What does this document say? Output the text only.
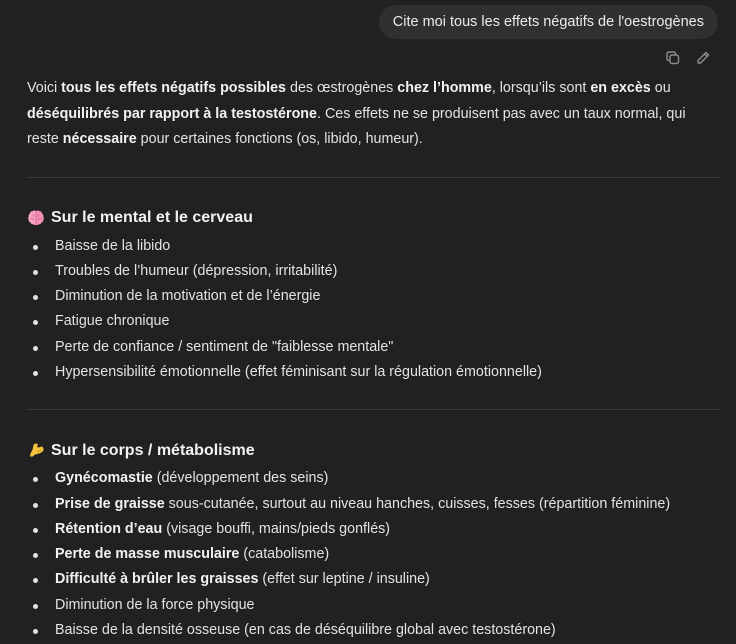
Cite moi tous les effets négatifs de l'oestrogènes

Voici tous les effets négatifs possibles des œstrogènes chez l’homme, lorsqu’ils sont en excès ou déséquilibrés par rapport à la testostérone. Ces effets ne se produisent pas avec un taux normal, qui reste nécessaire pour certaines fonctions (os, libido, humeur).

Sur le mental et le cerveau
Baisse de la libido
Troubles de l’humeur (dépression, irritabilité)
Diminution de la motivation et de l’énergie
Fatigue chronique
Perte de confiance / sentiment de "faiblesse mentale"
Hypersensibilité émotionnelle (effet féminisant sur la régulation émotionnelle)
Sur le corps / métabolisme
Gynécomastie (développement des seins)
Prise de graisse sous-cutanée, surtout au niveau hanches, cuisses, fesses (répartition féminine)
Rétention d’eau (visage bouffi, mains/pieds gonflés)
Perte de masse musculaire (catabolisme)
Difficulté à brûler les graisses (effet sur leptine / insuline)
Diminution de la force physique
Baisse de la densité osseuse (en cas de déséquilibre global avec testostérone)
